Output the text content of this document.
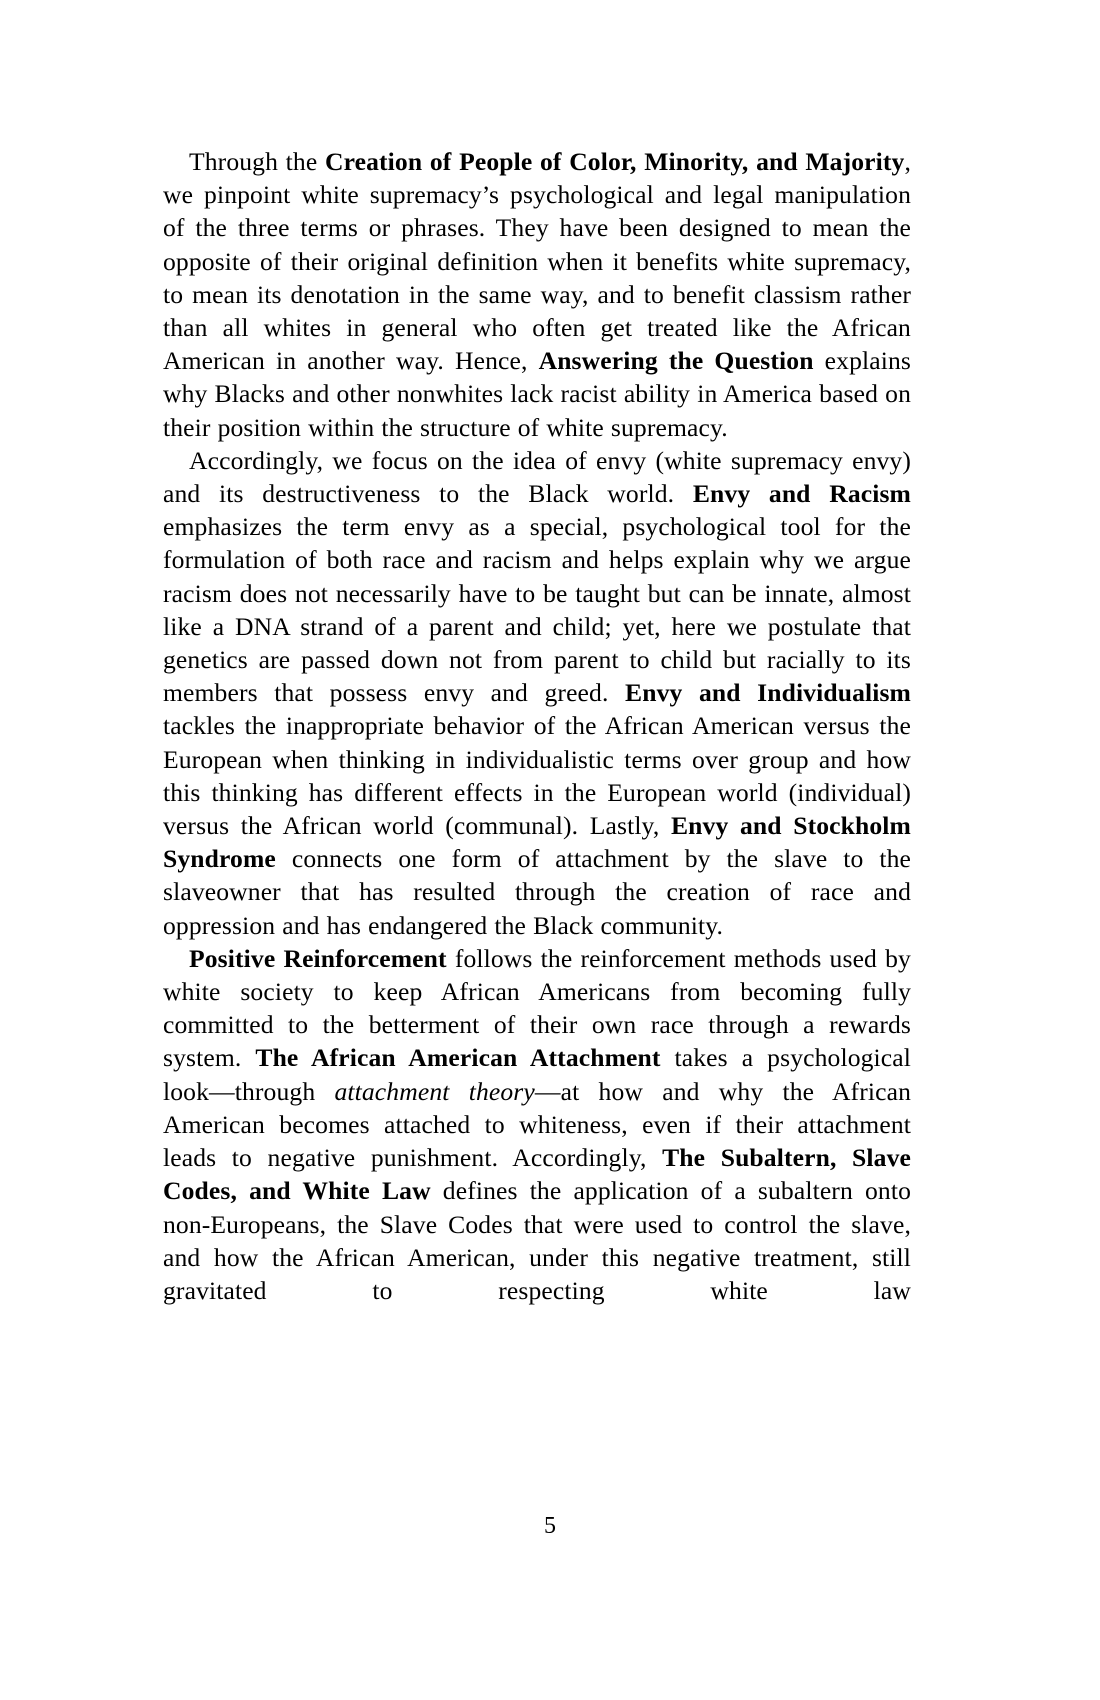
Through the Creation of People of Color, Minority, and Majority, we pinpoint white supremacy’s psychological and legal manipulation of the three terms or phrases. They have been designed to mean the opposite of their original definition when it benefits white supremacy, to mean its denotation in the same way, and to benefit classism rather than all whites in general who often get treated like the African American in another way. Hence, Answering the Question explains why Blacks and other nonwhites lack racist ability in America based on their position within the structure of white supremacy.

Accordingly, we focus on the idea of envy (white supremacy envy) and its destructiveness to the Black world. Envy and Racism emphasizes the term envy as a special, psychological tool for the formulation of both race and racism and helps explain why we argue racism does not necessarily have to be taught but can be innate, almost like a DNA strand of a parent and child; yet, here we postulate that genetics are passed down not from parent to child but racially to its members that possess envy and greed. Envy and Individualism tackles the inappropriate behavior of the African American versus the European when thinking in individualistic terms over group and how this thinking has different effects in the European world (individual) versus the African world (communal). Lastly, Envy and Stockholm Syndrome connects one form of attachment by the slave to the slaveowner that has resulted through the creation of race and oppression and has endangered the Black community.

Positive Reinforcement follows the reinforcement methods used by white society to keep African Americans from becoming fully committed to the betterment of their own race through a rewards system. The African American Attachment takes a psychological look—through attachment theory—at how and why the African American becomes attached to whiteness, even if their attachment leads to negative punishment. Accordingly, The Subaltern, Slave Codes, and White Law defines the application of a subaltern onto non-Europeans, the Slave Codes that were used to control the slave, and how the African American, under this negative treatment, still gravitated to respecting white law

5
